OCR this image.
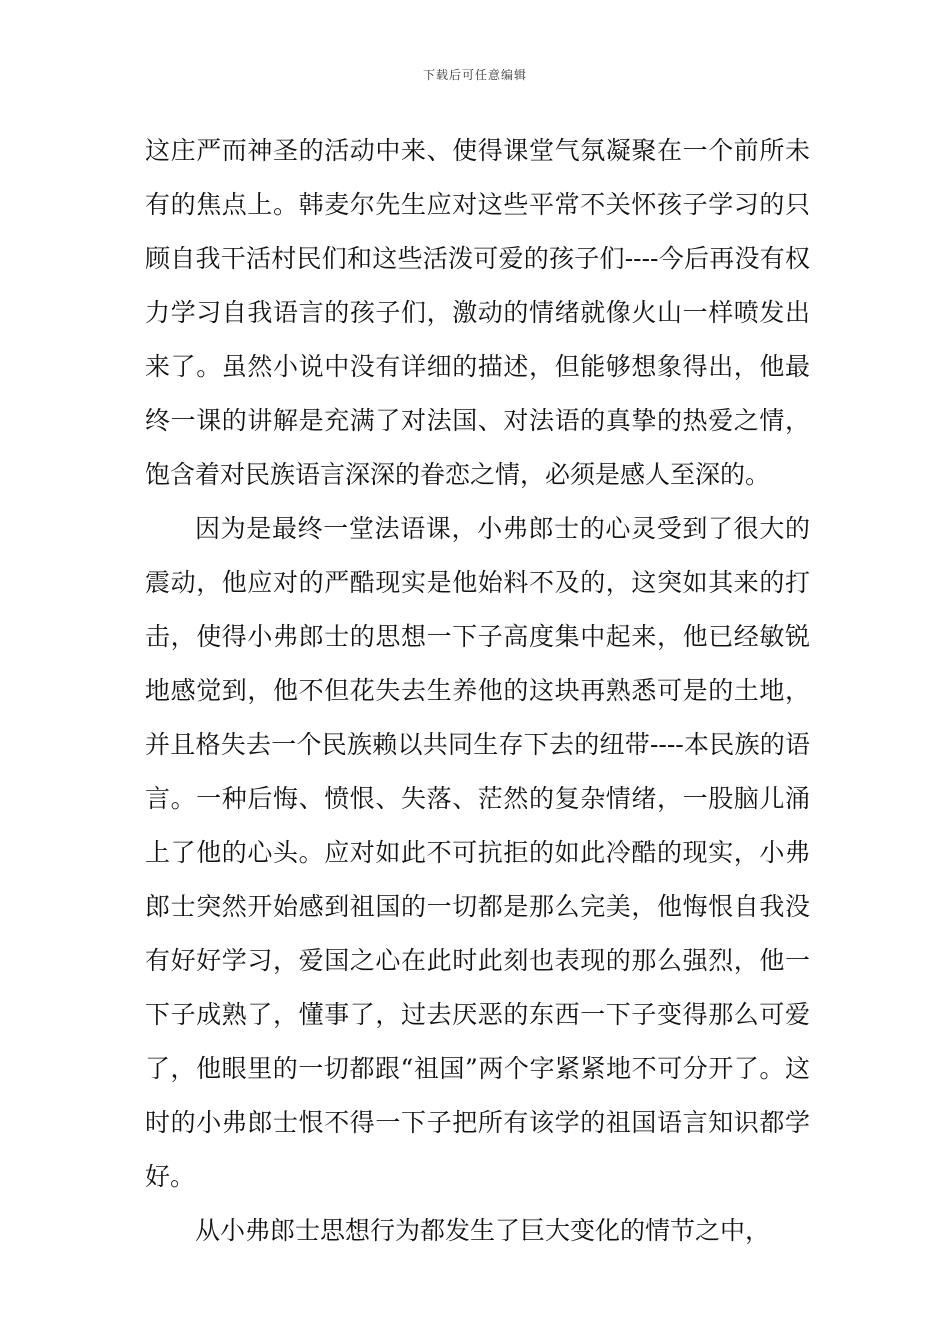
下载后可任意编辑

这庄严而神圣的活动中来、使得课堂气氛凝聚在一个前所未有的焦点上。韩麦尔先生应对这些平常不关怀孩子学习的只顾自我干活村民们和这些活泼可爱的孩子们----今后再没有权力学习自我语言的孩子们，激动的情绪就像火山一样喷发出来了。虽然小说中没有详细的描述，但能够想象得出，他最终一课的讲解是充满了对法国、对法语的真挚的热爱之情，饱含着对民族语言深深的眷恋之情，必须是感人至深的。

因为是最终一堂法语课，小弗郎士的心灵受到了很大的震动，他应对的严酷现实是他始料不及的，这突如其来的打击，使得小弗郎士的思想一下子高度集中起来，他已经敏锐地感觉到，他不但花失去生养他的这块再熟悉可是的土地，并且格失去一个民族赖以共同生存下去的纽带----本民族的语言。一种后悔、愤恨、失落、茫然的复杂情绪，一股脑儿涌上了他的心头。应对如此不可抗拒的如此冷酷的现实，小弗郎士突然开始感到祖国的一切都是那么完美，他悔恨自我没有好好学习，爱国之心在此时此刻也表现的那么强烈，他一下子成熟了，懂事了，过去厌恶的东西一下子变得那么可爱了，他眼里的一切都跟“祖国”两个字紧紧地不可分开了。这时的小弗郎士恨不得一下子把所有该学的祖国语言知识都学好。

从小弗郎士思想行为都发生了巨大变化的情节之中，
